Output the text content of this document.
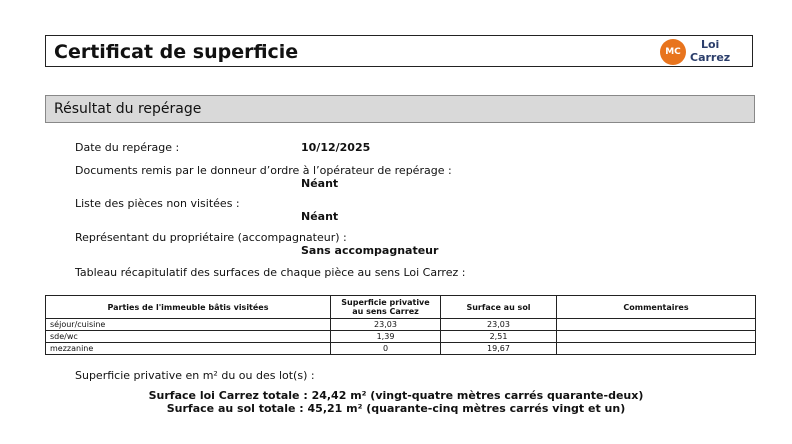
Certificat de superficie	MC
Loi
Carrez
Résultat du repérage
Date du repérage :	10/12/2025
Documents remis par le donneur d’ordre à l’opérateur de repérage :
Néant
Liste des pièces non visitées :
Néant
Représentant du propriétaire (accompagnateur) :
Sans accompagnateur
Tableau récapitulatif des surfaces de chaque pièce au sens Loi Carrez :
Parties de l'immeuble bâtis visitées	Superficie privative au sens Carrez	Surface au sol	Commentaires
séjour/cuisine	23,03	23,03	
sde/wc	1,39	2,51	
mezzanine	0	19,67	
Superficie privative en m² du ou des lot(s) :
Surface loi Carrez totale : 24,42 m² (vingt-quatre mètres carrés quarante-deux)
Surface au sol totale : 45,21 m² (quarante-cinq mètres carrés vingt et un)
